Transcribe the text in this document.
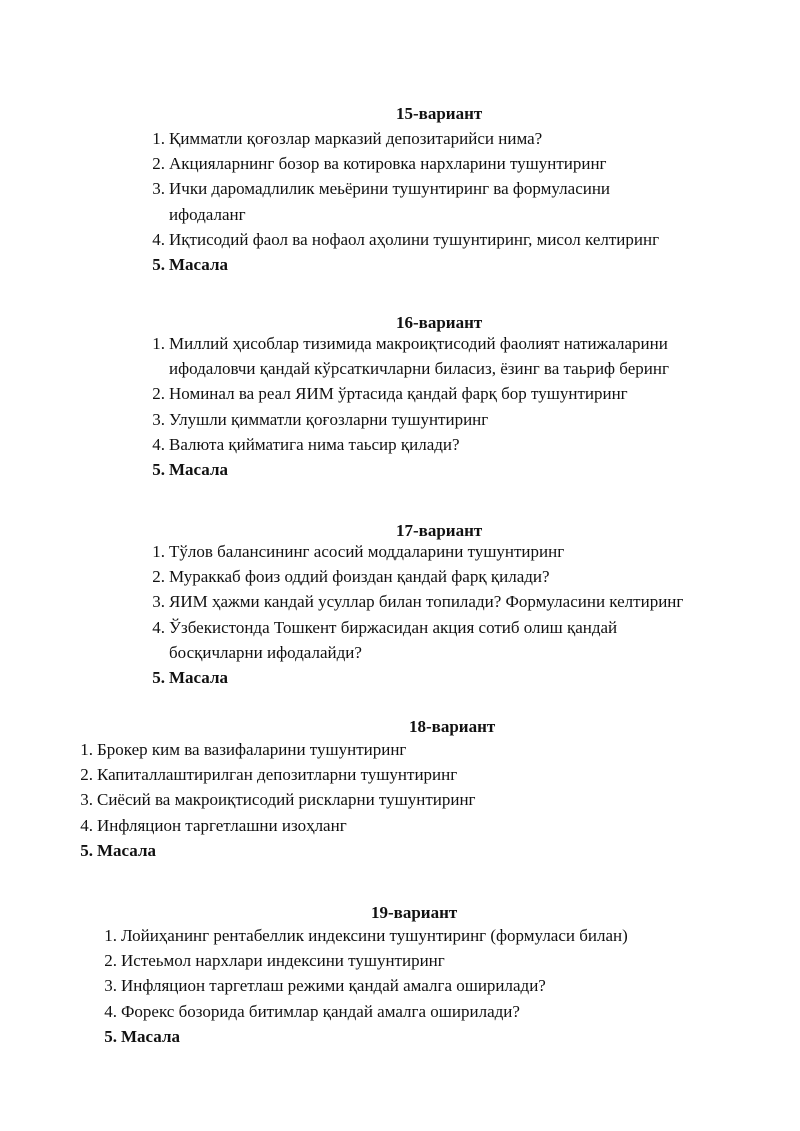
15-вариант
1. Қимматли қоғозлар марказий депозитарийси нима?
2. Акцияларнинг бозор ва котировка нархларини тушунтиринг
3. Ички даромадлилик меьёрини тушунтиринг ва формуласини
ифодаланг
4. Иқтисодий фаол ва нофаол аҳолини тушунтиринг, мисол келтиринг
5. Масала
16-вариант
1. Миллий ҳисоблар тизимида макроиқтисодий фаолият натижаларини
ифодаловчи қандай кўрсаткичларни биласиз, ёзинг ва таьриф беринг
2. Номинал ва реал ЯИМ ўртасида қандай фарқ бор тушунтиринг
3. Улушли қимматли қоғозларни тушунтиринг
4. Валюта қийматига нима таьсир қилади?
5. Масала
17-вариант
1. Тўлов балансининг асосий моддаларини тушунтиринг
2. Мураккаб фоиз оддий фоиздан қандай фарқ қилади?
3. ЯИМ ҳажми кандай усуллар билан топилади? Формуласини келтиринг
4. Ўзбекистонда Тошкент биржасидан акция сотиб олиш қандай
босқичларни ифодалайди?
5. Масала
18-вариант
1. Брокер ким ва вазифаларини тушунтиринг
2. Капиталлаштирилган депозитларни тушунтиринг
3. Сиёсий ва макроиқтисодий рискларни тушунтиринг
4. Инфляцион таргетлашни изоҳланг
5. Масала
19-вариант
1. Лойиҳанинг рентабеллик индексини тушунтиринг (формуласи билан)
2. Истеьмол нархлари индексини тушунтиринг
3. Инфляцион таргетлаш режими қандай амалга оширилади?
4. Форекс бозорида битимлар қандай амалга оширилади?
5. Масала
